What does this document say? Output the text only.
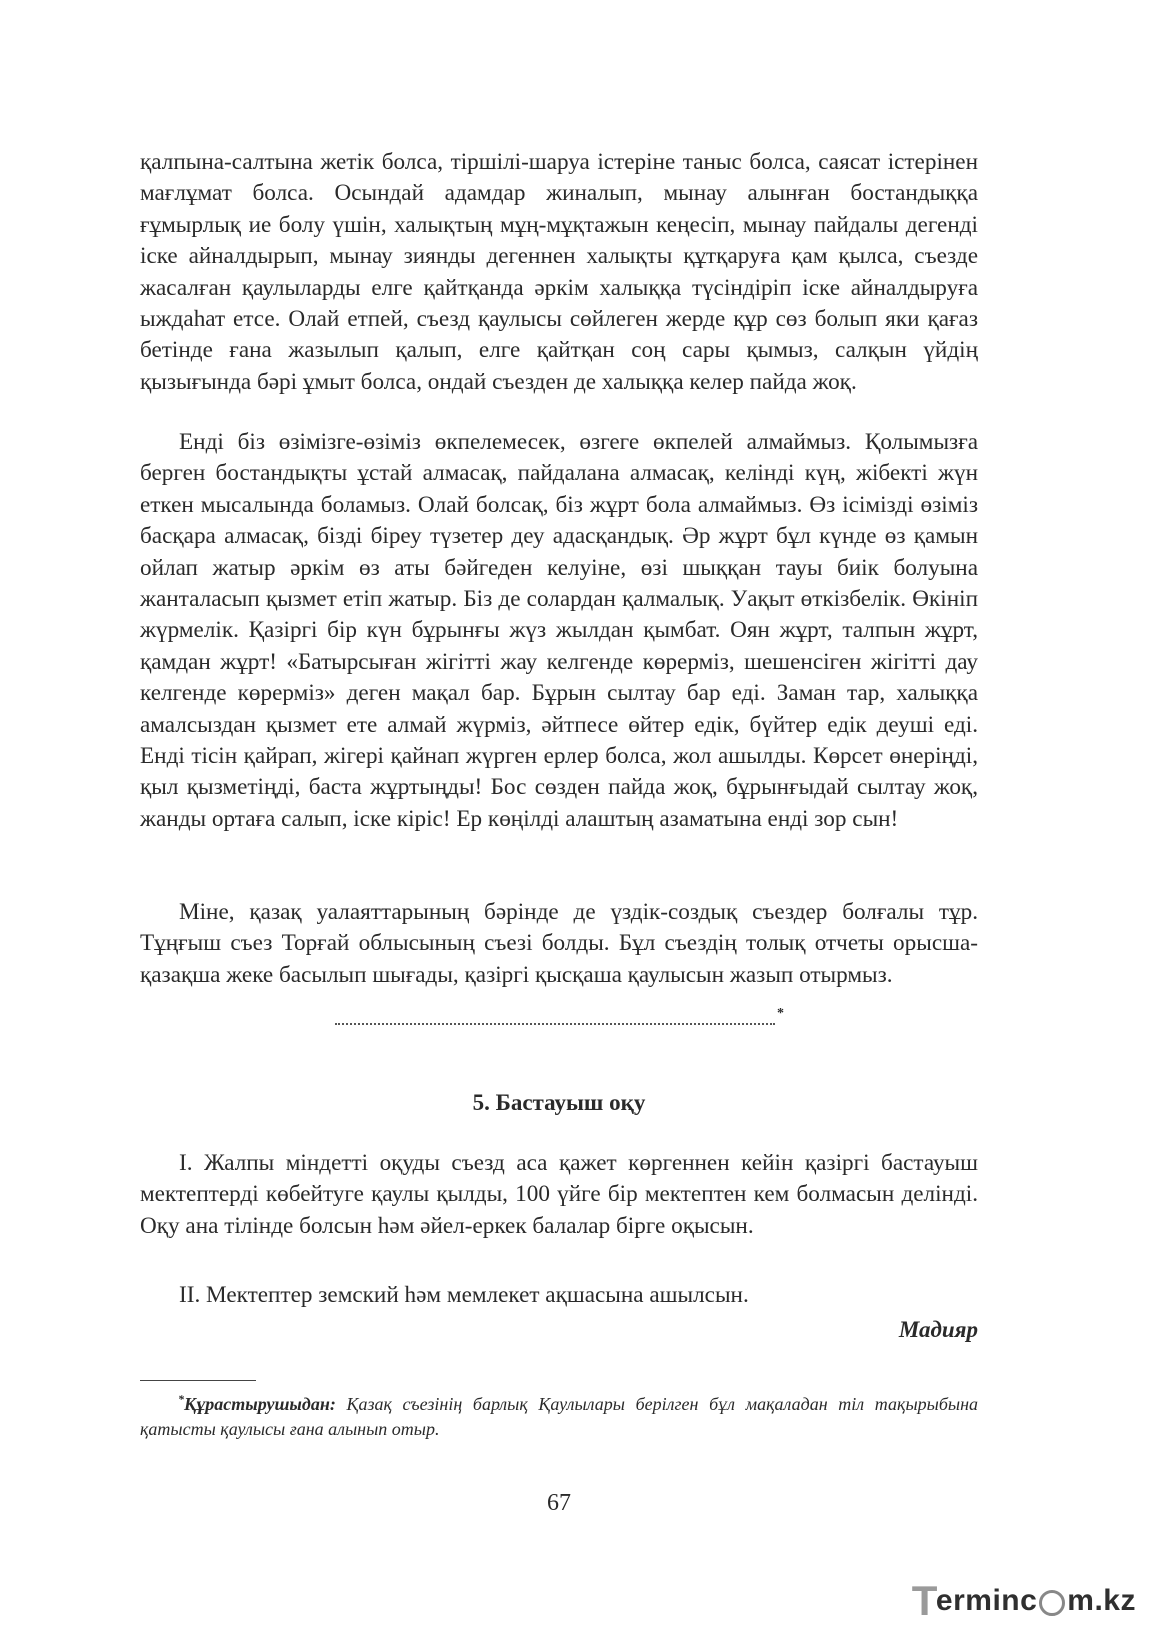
қалпына-салтына жетік болса, тіршілі-шаруа істеріне таныс болса, саясат істерінен мағлұмат болса. Осындай адамдар жиналып, мынау алынған бостандыққа ғұмырлық ие болу үшін, халықтың мұң-мұқтажын кеңесіп, мынау пайдалы дегенді іске айналдырып, мынау зиянды дегеннен халықты құтқаруға қам қылса, съезде жасалған қаулыларды елге қайтқанда әркім халыққа түсіндіріп іске айналдыруға ыждаһат етсе. Олай етпей, съезд қаулысы сөйлеген жерде құр сөз болып яки қағаз бетінде ғана жазылып қалып, елге қайтқан соң сары қымыз, салқын үйдің қызығында бәрі ұмыт болса, ондай съезден де халыққа келер пайда жоқ.

Енді біз өзімізге-өзіміз өкпелемесек, өзгеге өкпелей алмаймыз. Қолымызға берген бостандықты ұстай алмасақ, пайдалана алмасақ, келінді күң, жібекті жүн еткен мысалында боламыз. Олай болсақ, біз жұрт бола алмаймыз. Өз ісімізді өзіміз басқара алмасақ, бізді біреу түзетер деу адасқандық. Әр жұрт бұл күнде өз қамын ойлап жатыр әркім өз аты бәйгеден келуіне, өзі шыққан тауы биік болуына жанталасып қызмет етіп жатыр. Біз де солардан қалмалық. Уақыт өткізбелік. Өкініп жүрмелік. Қазіргі бір күн бұрынғы жүз жылдан қымбат. Оян жұрт, талпын жұрт, қамдан жұрт! «Батырсыған жігітті жау келгенде көрерміз, шешенсіген жігітті дау келгенде көрерміз» деген мақал бар. Бұрын сылтау бар еді. Заман тар, халыққа амалсыздан қызмет ете алмай жүрміз, әйтпесе өйтер едік, бүйтер едік деуші еді. Енді тісін қайрап, жігері қайнап жүрген ерлер болса, жол ашылды. Көрсет өнеріңді, қыл қызметіңді, баста жұртыңды! Бос сөзден пайда жоқ, бұрынғыдай сылтау жоқ, жанды ортаға салып, іске кіріс! Ер көңілді алаштың азаматына енді зор сын!

Міне, қазақ уалаяттарының бәрінде де үздік-создық съездер болғалы тұр. Тұңғыш съез Торғай облысының съезі болды. Бұл съездің толық отчеты орысша-қазақша жеке басылып шығады, қазіргі қысқаша қаулысын жазып отырмыз.

*
5. Бастауыш оқу

І. Жалпы міндетті оқуды съезд аса қажет көргеннен кейін қазіргі бастауыш мектептерді көбейтуге қаулы қылды, 100 үйге бір мектептен кем болмасын делінді. Оқу ана тілінде болсын һәм әйел-еркек балалар бірге оқысын.

ІІ. Мектептер земский һәм мемлекет ақшасына ашылсын.

Мадияр

*Құрастырушыдан: Қазақ съезінің барлық Қаулылары берілген бұл мақаладан тіл тақырыбына қатысты қаулысы ғана алынып отыр.

67
T
erminc m.kz
